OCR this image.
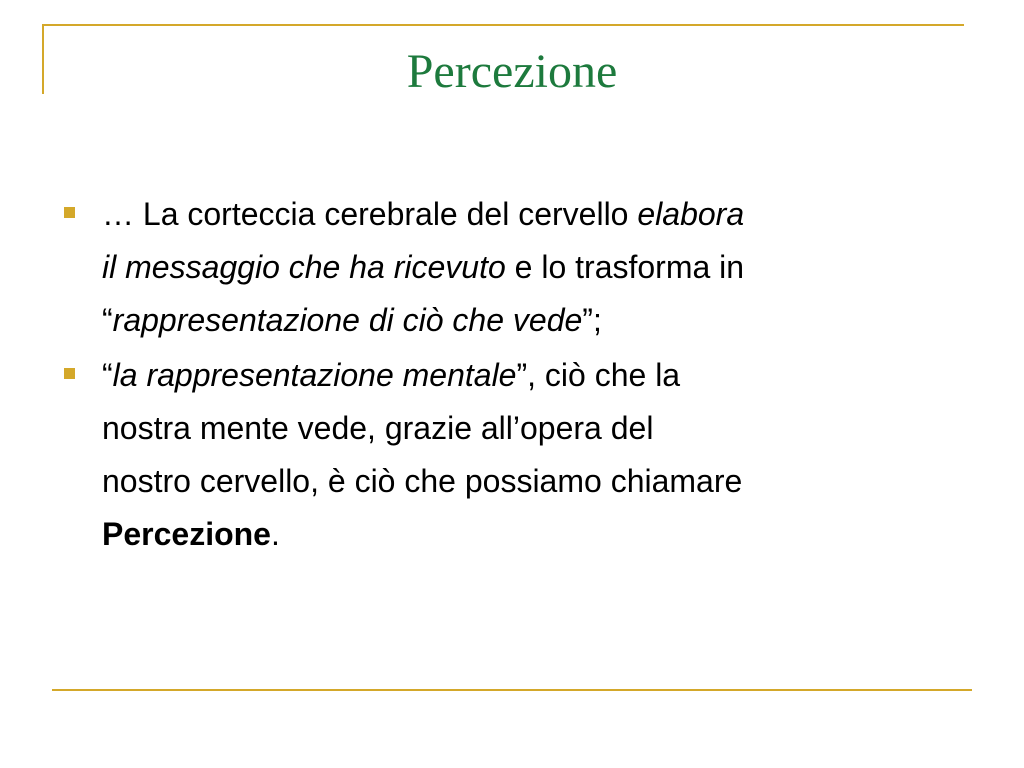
Percezione
… La corteccia cerebrale del cervello elabora
il messaggio che ha ricevuto e lo trasforma in
“rappresentazione di ciò che vede”;
“la rappresentazione mentale”, ciò che la
nostra mente vede, grazie all’opera del
nostro cervello, è ciò che possiamo chiamare
Percezione.
